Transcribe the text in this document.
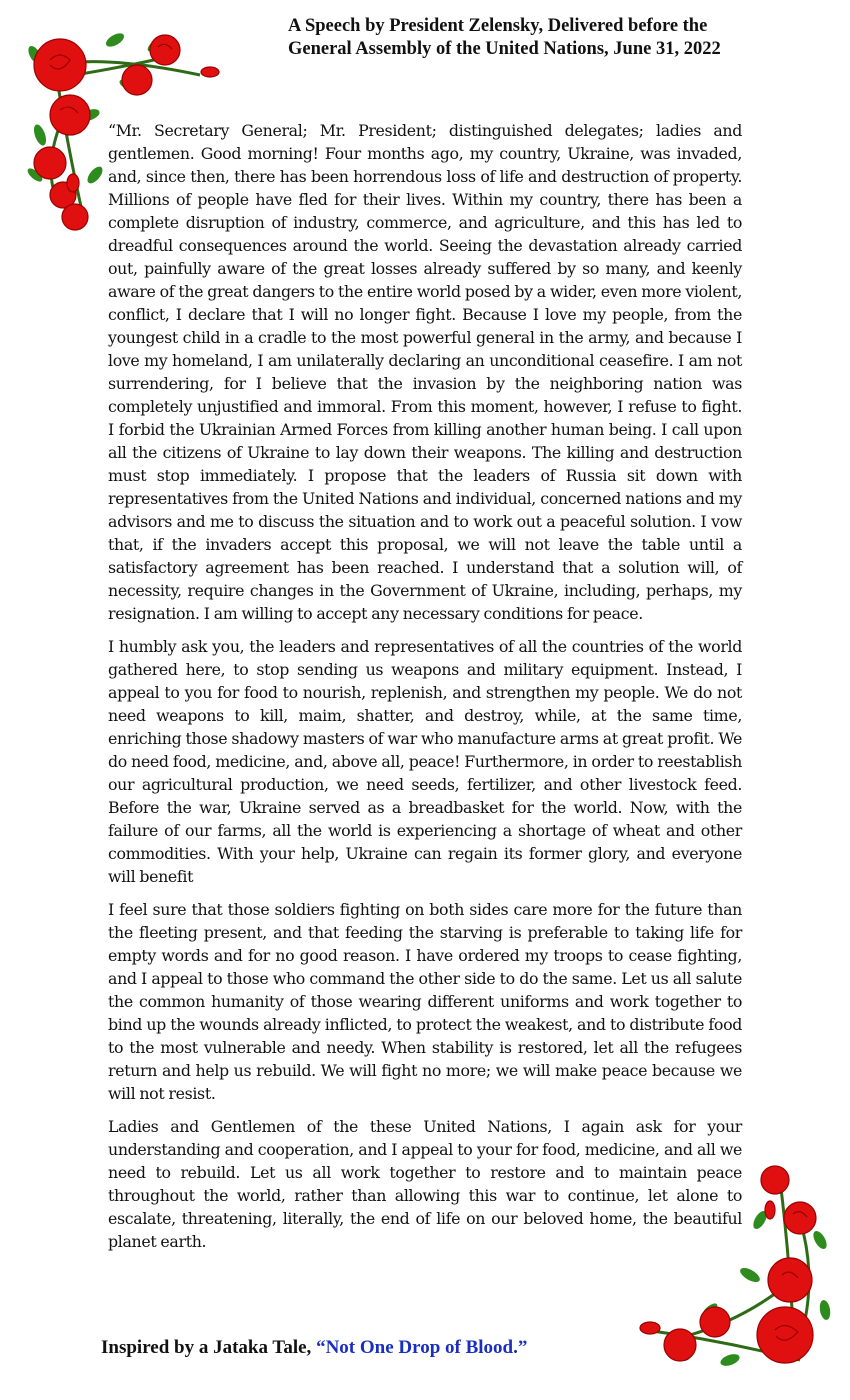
A Speech by President Zelensky, Delivered before the
General Assembly of the United Nations, June 31, 2022

“Mr. Secretary General; Mr. President; distinguished delegates; ladies and gentlemen. Good morning! Four months ago, my country, Ukraine, was invaded, and, since then, there has been horrendous loss of life and destruction of property. Millions of people have fled for their lives. Within my country, there has been a complete disruption of industry, commerce, and agriculture, and this has led to dreadful consequences around the world. Seeing the devastation already carried out, painfully aware of the great losses already suffered by so many, and keenly aware of the great dangers to the entire world posed by a wider, even more violent, conflict, I declare that I will no longer fight. Because I love my people, from the youngest child in a cradle to the most powerful general in the army, and because I love my homeland, I am unilaterally declaring an unconditional ceasefire. I am not surrendering, for I believe that the invasion by the neighboring nation was completely unjustified and immoral. From this moment, however, I refuse to fight. I forbid the Ukrainian Armed Forces from killing another human being. I call upon all the citizens of Ukraine to lay down their weapons. The killing and destruction must stop immediately. I propose that the leaders of Russia sit down with representatives from the United Nations and individual, concerned nations and my advisors and me to discuss the situation and to work out a peaceful solution. I vow that, if the invaders accept this proposal, we will not leave the table until a satisfactory agreement has been reached. I understand that a solution will, of necessity, require changes in the Government of Ukraine, including, perhaps, my resignation. I am willing to accept any necessary conditions for peace.

I humbly ask you, the leaders and representatives of all the countries of the world gathered here, to stop sending us weapons and military equipment. Instead, I appeal to you for food to nourish, replenish, and strengthen my people. We do not need weapons to kill, maim, shatter, and destroy, while, at the same time, enriching those shadowy masters of war who manufacture arms at great profit. We do need food, medicine, and, above all, peace! Furthermore, in order to reestablish our agricultural production, we need seeds, fertilizer, and other livestock feed. Before the war, Ukraine served as a breadbasket for the world. Now, with the failure of our farms, all the world is experiencing a shortage of wheat and other commodities. With your help, Ukraine can regain its former glory, and everyone will benefit

I feel sure that those soldiers fighting on both sides care more for the future than the fleeting present, and that feeding the starving is preferable to taking life for empty words and for no good reason. I have ordered my troops to cease fighting, and I appeal to those who command the other side to do the same. Let us all salute the common humanity of those wearing different uniforms and work together to bind up the wounds already inflicted, to protect the weakest, and to distribute food to the most vulnerable and needy. When stability is restored, let all the refugees return and help us rebuild. We will fight no more; we will make peace because we will not resist.

Ladies and Gentlemen of the these United Nations, I again ask for your understanding and cooperation, and I appeal to your for food, medicine, and all we need to rebuild. Let us all work together to restore and to maintain peace throughout the world, rather than allowing this war to continue, let alone to escalate, threatening, literally, the end of life on our beloved home, the beautiful planet earth.

Inspired by a Jataka Tale, “Not One Drop of Blood.”
